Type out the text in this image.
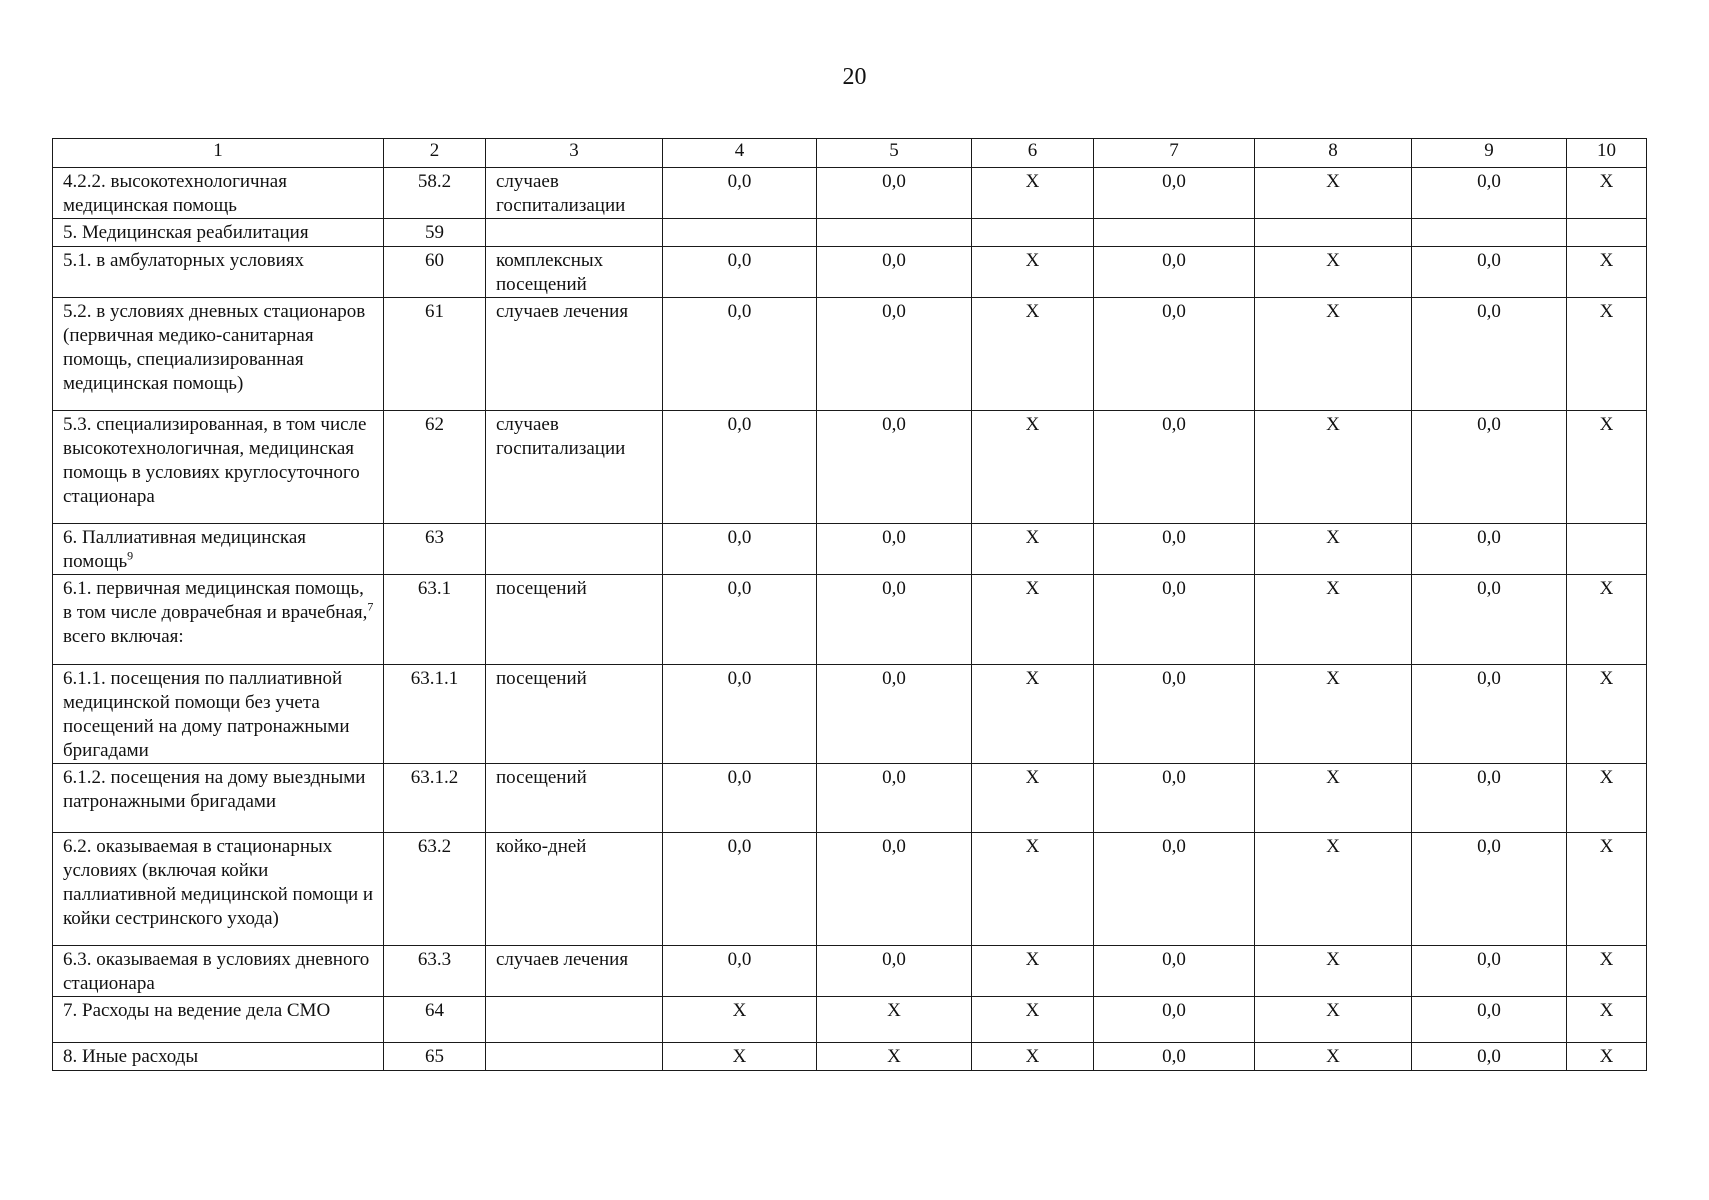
20
1	2	3	4	5	6	7	8	9	10
4.2.2. высокотехнологичная медицинская помощь	58.2	случаев госпитализации	0,0	0,0	X	0,0	X	0,0	X
5. Медицинская реабилитация	59								
5.1. в амбулаторных условиях	60	комплексных посещений	0,0	0,0	X	0,0	X	0,0	X
5.2. в условиях дневных стационаров (первичная медико-санитарная помощь, специализированная медицинская помощь)	61	случаев лечения	0,0	0,0	X	0,0	X	0,0	X
5.3. специализированная, в том числе высокотехнологичная, медицинская помощь в условиях круглосуточного стационара	62	случаев госпитализации	0,0	0,0	X	0,0	X	0,0	X
6. Паллиативная медицинская помощь$^9$	63		0,0	0,0	X	0,0	X	0,0	
6.1. первичная медицинская помощь, в том числе доврачебная и врачебная,$^7$ всего включая:	63.1	посещений	0,0	0,0	X	0,0	X	0,0	X
6.1.1. посещения по паллиативной медицинской помощи без учета посещений на дому патронажными бригадами	63.1.1	посещений	0,0	0,0	X	0,0	X	0,0	X
6.1.2. посещения на дому выездными патронажными бригадами	63.1.2	посещений	0,0	0,0	X	0,0	X	0,0	X
6.2. оказываемая в стационарных условиях (включая койки паллиативной медицинской помощи и койки сестринского ухода)	63.2	койко-дней	0,0	0,0	X	0,0	X	0,0	X
6.3. оказываемая в условиях дневного стационара	63.3	случаев лечения	0,0	0,0	X	0,0	X	0,0	X
7. Расходы на ведение дела СМО	64		X	X	X	0,0	X	0,0	X
8. Иные расходы	65		X	X	X	0,0	X	0,0	X
